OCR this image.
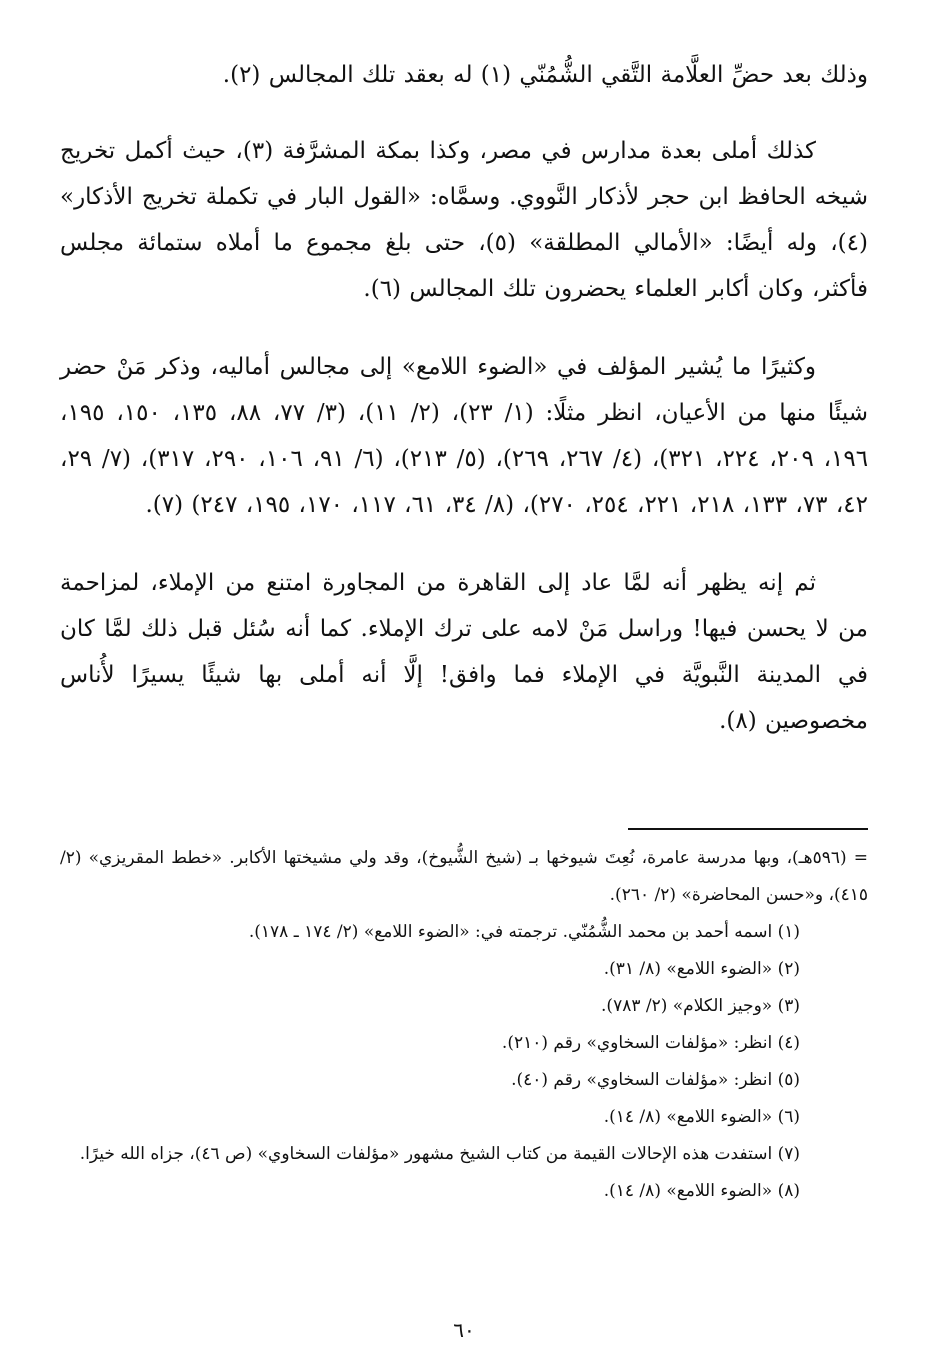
وذلك بعد حضِّ العلَّامة التَّقي الشُّمُنّي (١) له بعقد تلك المجالس (٢).

كذلك أملى بعدة مدارس في مصر، وكذا بمكة المشرَّفة (٣)، حيث أكمل تخريج شيخه الحافظ ابن حجر لأذكار النَّووي. وسمَّاه: «القول البار في تكملة تخريج الأذكار» (٤)، وله أيضًا: «الأمالي المطلقة» (٥)، حتى بلغ مجموع ما أملاه ستمائة مجلس فأكثر، وكان أكابر العلماء يحضرون تلك المجالس (٦).

وكثيرًا ما يُشير المؤلف في «الضوء اللامع» إلى مجالس أماليه، وذكر مَنْ حضر شيئًا منها من الأعيان، انظر مثلًا: (١/ ٢٣)، (٢/ ١١)، (٣/ ٧٧، ٨٨، ١٣٥، ١٥٠، ١٩٥، ١٩٦، ٢٠٩، ٢٢٤، ٣٢١)، (٤/ ٢٦٧، ٢٦٩)، (٥/ ٢١٣)، (٦/ ٩١، ١٠٦، ٢٩٠، ٣١٧)، (٧/ ٢٩، ٤٢، ٧٣، ١٣٣، ٢١٨، ٢٢١، ٢٥٤، ٢٧٠)، (٨/ ٣٤، ٦١، ١١٧، ١٧٠، ١٩٥، ٢٤٧) (٧).

ثم إنه يظهر أنه لمَّا عاد إلى القاهرة من المجاورة امتنع من الإملاء، لمزاحمة من لا يحسن فيها! وراسل مَنْ لامه على ترك الإملاء. كما أنه سُئل قبل ذلك لمَّا كان في المدينة النَّبويَّة في الإملاء فما وافق! إلَّا أنه أملى بها شيئًا يسيرًا لأُناس مخصوصين (٨).

= (٥٩٦هـ)، وبها مدرسة عامرة، نُعِتَ شيوخها بـ (شيخ الشُّيوخ)، وقد ولي مشيختها الأكابر. «خطط المقريزي» (٢/ ٤١٥)، و«حسن المحاضرة» (٢/ ٢٦٠).

(١) اسمه أحمد بن محمد الشُّمُنّي. ترجمته في: «الضوء اللامع» (٢/ ١٧٤ ـ ١٧٨).

(٢) «الضوء اللامع» (٨/ ٣١).

(٣) «وجيز الكلام» (٢/ ٧٨٣).

(٤) انظر: «مؤلفات السخاوي» رقم (٢١٠).

(٥) انظر: «مؤلفات السخاوي» رقم (٤٠).

(٦) «الضوء اللامع» (٨/ ١٤).

(٧) استفدت هذه الإحالات القيمة من كتاب الشيخ مشهور «مؤلفات السخاوي» (ص ٤٦)، جزاه الله خيرًا.

(٨) «الضوء اللامع» (٨/ ١٤).

٦٠
